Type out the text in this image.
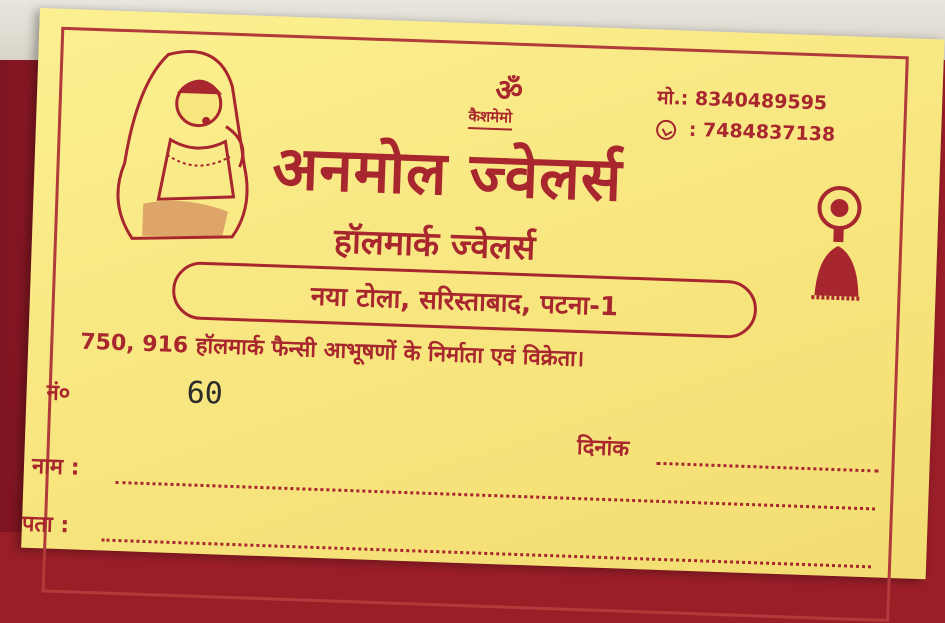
ॐ
कैशमेमो
मो.: 8340489595
: 7484837138
अनमोल ज्वेलर्स
हॉलमार्क ज्वेलर्स
नया टोला, सरिस्ताबाद, पटना-1
750, 916 हॉलमार्क फैन्सी आभूषणों के निर्माता एवं विक्रेता।
नं०	60
दिनांक
नाम :
पता :
